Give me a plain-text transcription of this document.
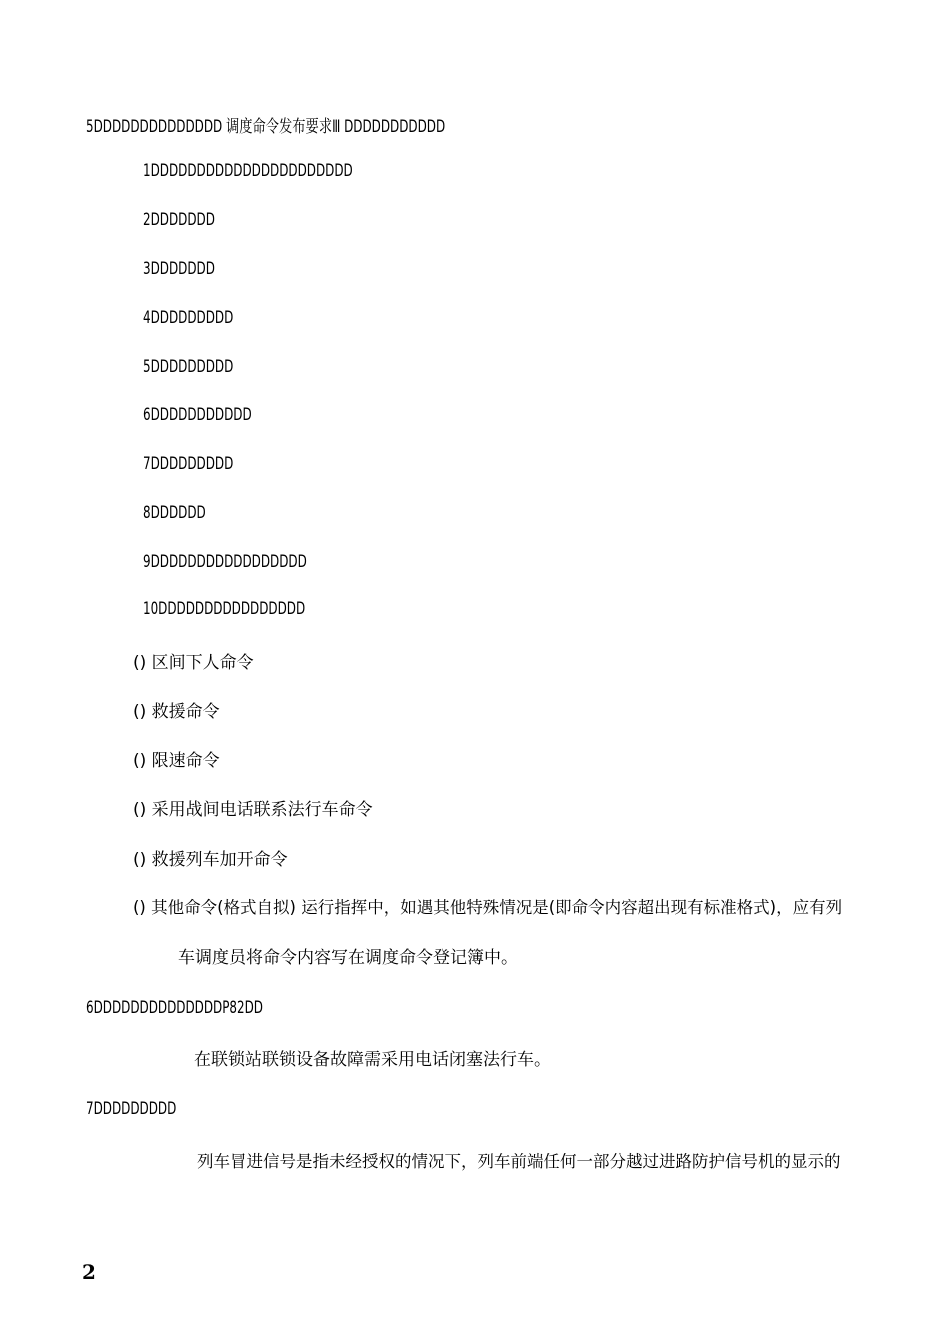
5DDDDDDDDDDDDDD 调度命令发布要求Ⅲ DDDDDDDDDDD
1DDDDDDDDDDDDDDDDDDDDDD
2DDDDDDD
3DDDDDDD
4DDDDDDDDD
5DDDDDDDDD
6DDDDDDDDDDD
7DDDDDDDDD
8DDDDDD
9DDDDDDDDDDDDDDDDD
10DDDDDDDDDDDDDDDD
() 区间下人命令
() 救援命令
() 限速命令
() 采用战间电话联系法行车命令
() 救援列车加开命令
() 其他命令(格式自拟) 运行指挥中，如遇其他特殊情况是(即命令内容超出现有标准格式)，应有列
车调度员将命令内容写在调度命令登记簿中。
6DDDDDDDDDDDDDDP82DD
在联锁站联锁设备故障需采用电话闭塞法行车。
7DDDDDDDDD
列车冒进信号是指未经授权的情况下，列车前端任何一部分越过进路防护信号机的显示的
2
